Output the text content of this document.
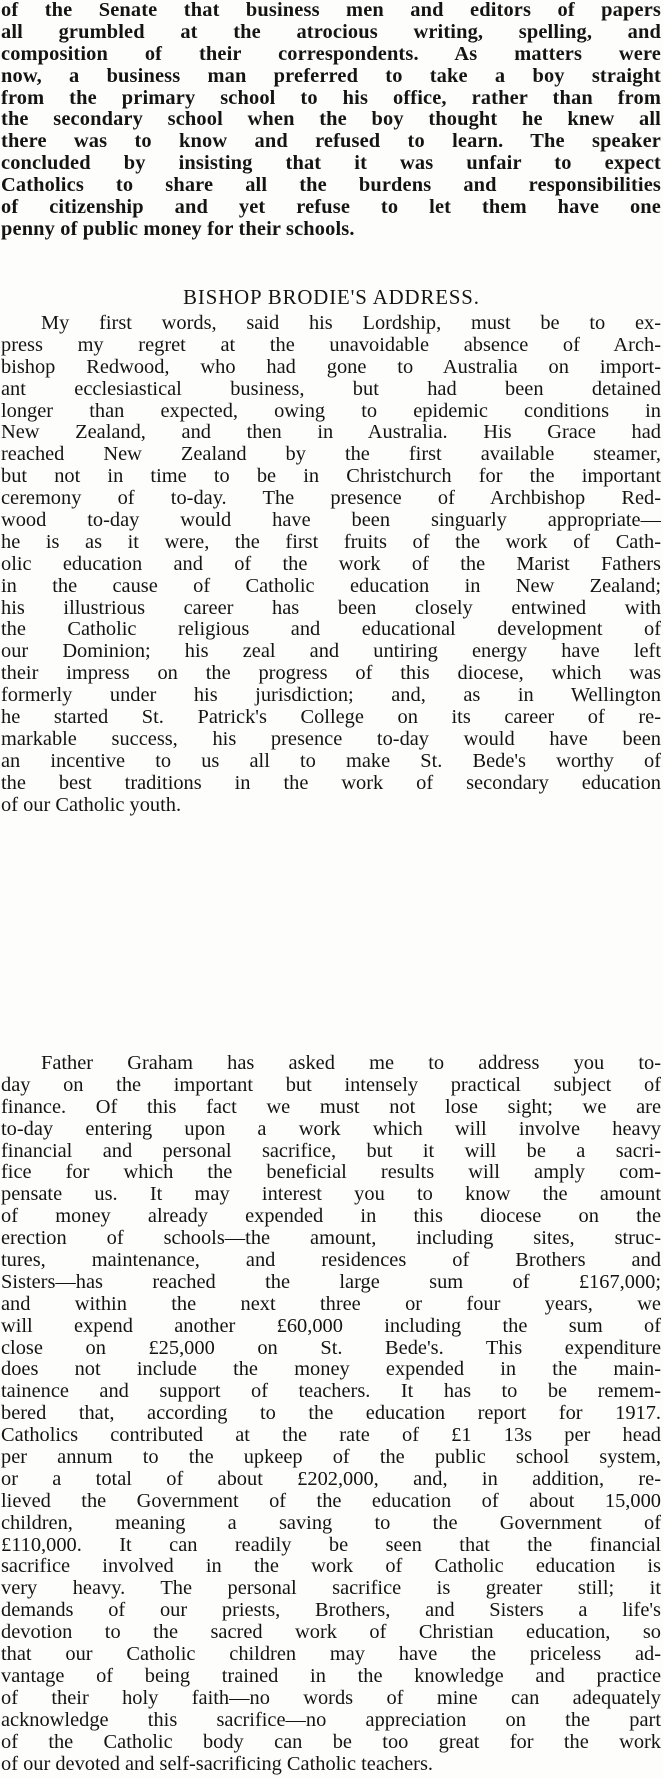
of the Senate that business men and editors of papers
all grumbled at the atrocious writing, spelling, and
composition of their correspondents. As matters were
now, a business man preferred to take a boy straight
from the primary school to his office, rather than from
the secondary school when the boy thought he knew all
there was to know and refused to learn. The speaker
concluded by insisting that it was unfair to expect
Catholics to share all the burdens and responsibilities
of citizenship and yet refuse to let them have one
penny of public money for their schools.
BISHOP BRODIE'S ADDRESS.
My first words, said his Lordship, must be to ex-
press my regret at the unavoidable absence of Arch-
bishop Redwood, who had gone to Australia on import-
ant ecclesiastical business, but had been detained
longer than expected, owing to epidemic conditions in
New Zealand, and then in Australia. His Grace had
reached New Zealand by the first available steamer,
but not in time to be in Christchurch for the important
ceremony of to-day. The presence of Archbishop Red-
wood to-day would have been singuarly appropriate—
he is as it were, the first fruits of the work of Cath-
olic education and of the work of the Marist Fathers
in the cause of Catholic education in New Zealand;
his illustrious career has been closely entwined with
the Catholic religious and educational development of
our Dominion; his zeal and untiring energy have left
their impress on the progress of this diocese, which was
formerly under his jurisdiction; and, as in Wellington
he started St. Patrick's College on its career of re-
markable success, his presence to-day would have been
an incentive to us all to make St. Bede's worthy of
the best traditions in the work of secondary education
of our Catholic youth.
Father Graham has asked me to address you to-
day on the important but intensely practical subject of
finance. Of this fact we must not lose sight; we are
to-day entering upon a work which will involve heavy
financial and personal sacrifice, but it will be a sacri-
fice for which the beneficial results will amply com-
pensate us. It may interest you to know the amount
of money already expended in this diocese on the
erection of schools—the amount, including sites, struc-
tures, maintenance, and residences of Brothers and
Sisters—has reached the large sum of £167,000;
and within the next three or four years, we
will expend another £60,000 including the sum of
close on £25,000 on St. Bede's. This expenditure
does not include the money expended in the main-
tainence and support of teachers. It has to be remem-
bered that, according to the education report for 1917.
Catholics contributed at the rate of £1 13s per head
per annum to the upkeep of the public school system,
or a total of about £202,000, and, in addition, re-
lieved the Government of the education of about 15,000
children, meaning a saving to the Government of
£110,000. It can readily be seen that the financial
sacrifice involved in the work of Catholic education is
very heavy. The personal sacrifice is greater still; it
demands of our priests, Brothers, and Sisters a life's
devotion to the sacred work of Christian education, so
that our Catholic children may have the priceless ad-
vantage of being trained in the knowledge and practice
of their holy faith—no words of mine can adequately
acknowledge this sacrifice—no appreciation on the part
of the Catholic body can be too great for the work
of our devoted and self-sacrificing Catholic teachers.
